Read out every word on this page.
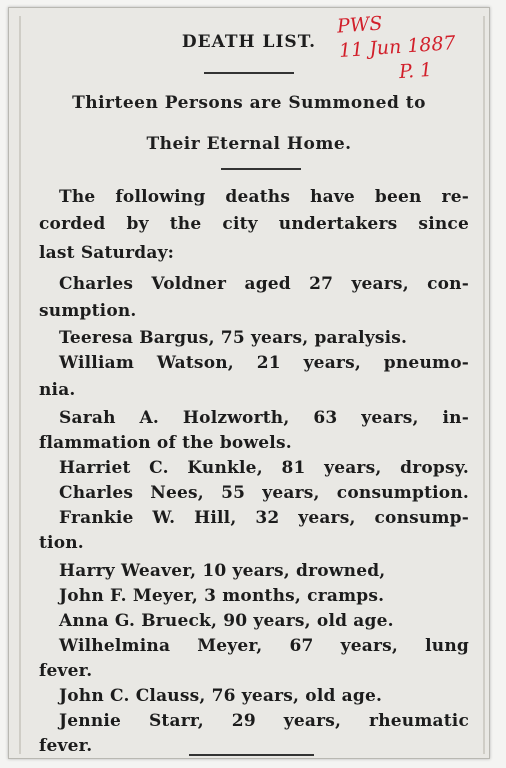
DEATH LIST.
PWS
11 Jun 1887
P. 1
Thirteen Persons are Summoned to
Their Eternal Home.
The following deaths have been re-
corded by the city undertakers since
last Saturday:
Charles Voldner aged 27 years, con-
sumption.
Teeresa Bargus, 75 years, paralysis.
William Watson, 21 years, pneumo-
nia.
Sarah A. Holzworth, 63 years, in-
flammation of the bowels.
Harriet C. Kunkle, 81 years, dropsy.
Charles Nees, 55 years, consumption.
Frankie W. Hill, 32 years, consump-
tion.
Harry Weaver, 10 years, drowned,
John F. Meyer, 3 months, cramps.
Anna G. Brueck, 90 years, old age.
Wilhelmina Meyer, 67 years, lung
fever.
John C. Clauss, 76 years, old age.
Jennie Starr, 29 years, rheumatic
fever.
